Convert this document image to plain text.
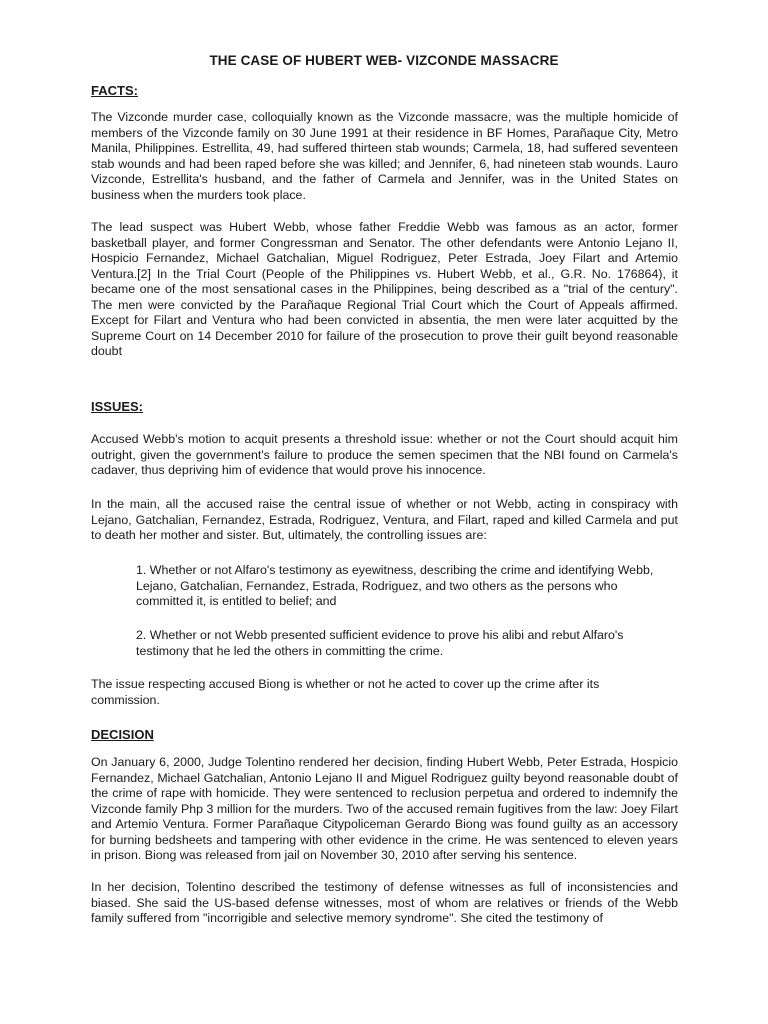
THE CASE OF HUBERT WEB- VIZCONDE MASSACRE
FACTS:

The Vizconde murder case, colloquially known as the Vizconde massacre, was the multiple homicide of members of the Vizconde family on 30 June 1991 at their residence in BF Homes, Parañaque City, Metro Manila, Philippines. Estrellita, 49, had suffered thirteen stab wounds; Carmela, 18, had suffered seventeen stab wounds and had been raped before she was killed; and Jennifer, 6, had nineteen stab wounds. Lauro Vizconde, Estrellita's husband, and the father of Carmela and Jennifer, was in the United States on business when the murders took place.

The lead suspect was Hubert Webb, whose father Freddie Webb was famous as an actor, former basketball player, and former Congressman and Senator. The other defendants were Antonio Lejano II, Hospicio Fernandez, Michael Gatchalian, Miguel Rodriguez, Peter Estrada, Joey Filart and Artemio Ventura.[2] In the Trial Court (People of the Philippines vs. Hubert Webb, et al., G.R. No. 176864), it became one of the most sensational cases in the Philippines, being described as a "trial of the century". The men were convicted by the Parañaque Regional Trial Court which the Court of Appeals affirmed. Except for Filart and Ventura who had been convicted in absentia, the men were later acquitted by the Supreme Court on 14 December 2010 for failure of the prosecution to prove their guilt beyond reasonable doubt

ISSUES:

Accused Webb's motion to acquit presents a threshold issue: whether or not the Court should acquit him outright, given the government's failure to produce the semen specimen that the NBI found on Carmela's cadaver, thus depriving him of evidence that would prove his innocence.

In the main, all the accused raise the central issue of whether or not Webb, acting in conspiracy with Lejano, Gatchalian, Fernandez, Estrada, Rodriguez, Ventura, and Filart, raped and killed Carmela and put to death her mother and sister. But, ultimately, the controlling issues are:

1. Whether or not Alfaro's testimony as eyewitness, describing the crime and identifying Webb, Lejano, Gatchalian, Fernandez, Estrada, Rodriguez, and two others as the persons who committed it, is entitled to belief; and

2. Whether or not Webb presented sufficient evidence to prove his alibi and rebut Alfaro's testimony that he led the others in committing the crime.

The issue respecting accused Biong is whether or not he acted to cover up the crime after its commission.

DECISION

On January 6, 2000, Judge Tolentino rendered her decision, finding Hubert Webb, Peter Estrada, Hospicio Fernandez, Michael Gatchalian, Antonio Lejano II and Miguel Rodriguez guilty beyond reasonable doubt of the crime of rape with homicide. They were sentenced to reclusion perpetua and ordered to indemnify the Vizconde family Php 3 million for the murders. Two of the accused remain fugitives from the law: Joey Filart and Artemio Ventura. Former Parañaque Citypoliceman Gerardo Biong was found guilty as an accessory for burning bedsheets and tampering with other evidence in the crime. He was sentenced to eleven years in prison. Biong was released from jail on November 30, 2010 after serving his sentence.

In her decision, Tolentino described the testimony of defense witnesses as full of inconsistencies and biased. She said the US-based defense witnesses, most of whom are relatives or friends of the Webb family suffered from "incorrigible and selective memory syndrome". She cited the testimony of
